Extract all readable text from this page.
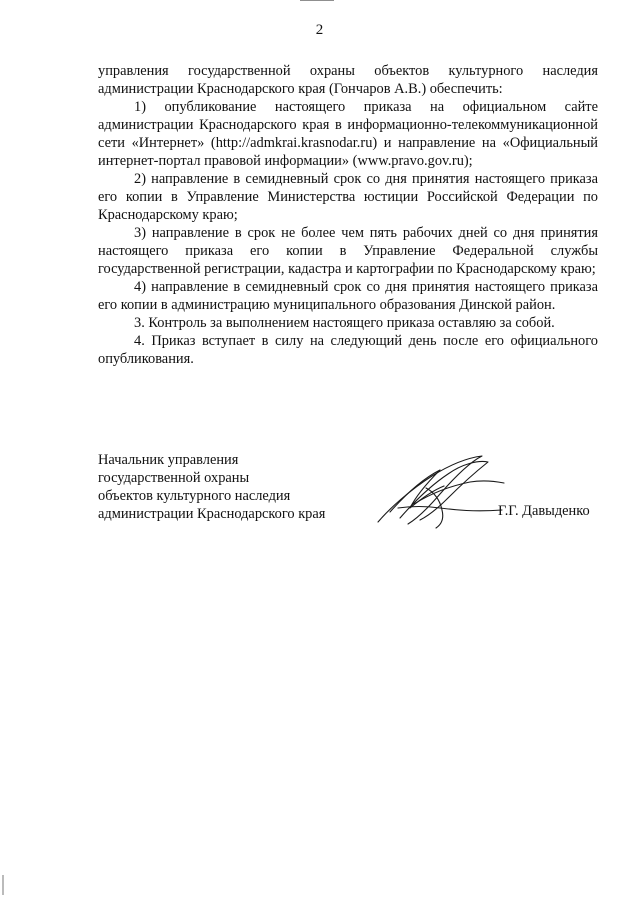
2

управления государственной охраны объектов культурного наследия администрации Краснодарского края (Гончаров А.В.) обеспечить:

1) опубликование настоящего приказа на официальном сайте администрации Краснодарского края в информационно-телекоммуникационной сети «Интернет» (http://admkrai.krasnodar.ru) и направление на «Официальный интернет-портал правовой информации» (www.pravo.gov.ru);

2) направление в семидневный срок со дня принятия настоящего приказа его копии в Управление Министерства юстиции Российской Федерации по Краснодарскому краю;

3) направление в срок не более чем пять рабочих дней со дня принятия настоящего приказа его копии в Управление Федеральной службы государственной регистрации, кадастра и картографии по Краснодарскому краю;

4) направление в семидневный срок со дня принятия настоящего приказа его копии в администрацию муниципального образования Динской район.

3. Контроль за выполнением настоящего приказа оставляю за собой.

4. Приказ вступает в силу на следующий день после его официального опубликования.

Начальник управления
государственной охраны
объектов культурного наследия
администрации Краснодарского края	Г.Г. Давыденко
